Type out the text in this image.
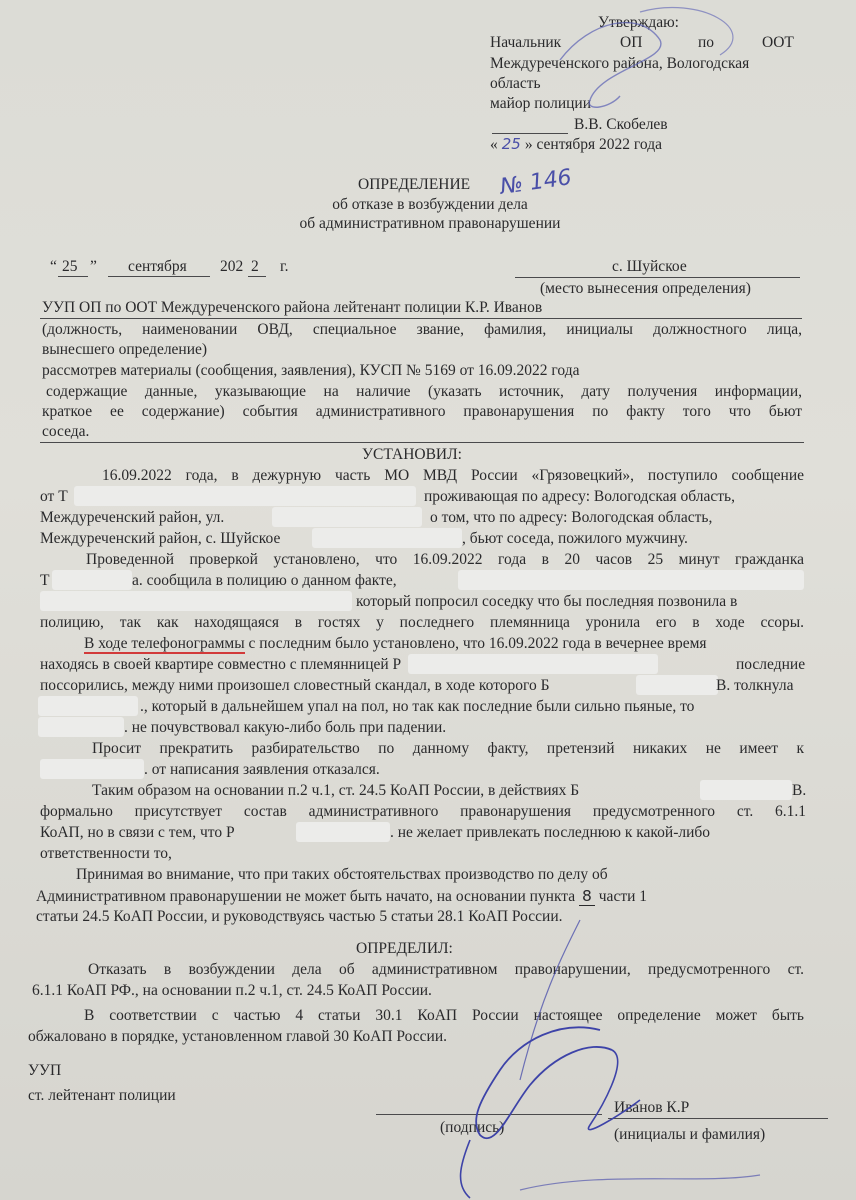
Утверждаю:
Начальник	ОП	по	ООТ
Междуреченского района, Вологодская
область
майор полиции
В.В. Скобелев
« 25 » сентября 2022 года
ОПРЕДЕЛЕНИЕ № 146
об отказе в возбуждении дела
об административном правонарушении
“ 25 ” сентября 202 2 г.	с. Шуйское
(место вынесения определения)
УУП ОП по ООТ Междуреченского района лейтенант полиции К.Р. Иванов
(должность, наименовании ОВД, специальное звание, фамилия, инициалы должностного лица,
вынесшего определение)
рассмотрев материалы (сообщения, заявления), КУСП № 5169 от 16.09.2022 года
содержащие данные, указывающие на наличие (указать источник, дату получения информации,
краткое ее содержание) события административного правонарушения по факту того что бьют
соседа.
УСТАНОВИЛ:
16.09.2022 года, в дежурную часть МО МВД России «Грязовецкий», поступило сообщение
от Т	проживающая по адресу: Вологодская область,
Междуреченский район, ул.	о том, что по адресу: Вологодская область,
Междуреченский район, с. Шуйское	, бьют соседа, пожилого мужчину.
Проведенной проверкой установлено, что 16.09.2022 года в 20 часов 25 минут гражданка
Т	а. сообщила в полицию о данном факте,
который попросил соседку что бы последняя позвонила в
полицию, так как находящаяся в гостях у последнего племянница уронила его в ходе ссоры.
В ходе телефонограммы с последним было установлено, что 16.09.2022 года в вечернее время
находясь в своей квартире совместно с племянницей Р	последние
поссорились, между ними произошел словестный скандал, в ходе которого Б	В. толкнула
., который в дальнейшем упал на пол, но так как последние были сильно пьяные, то
. не почувствовал какую-либо боль при падении.
Просит прекратить разбирательство по данному факту, претензий никаких не имеет к
. от написания заявления отказался.
Таким образом на основании п.2 ч.1, ст. 24.5 КоАП России, в действиях Б	В.
формально присутствует состав административного правонарушения предусмотренного ст. 6.1.1
КоАП, но в связи с тем, что Р	. не желает привлекать последнюю к какой-либо
ответственности то,
Принимая во внимание, что при таких обстоятельствах производство по делу об
Административном правонарушении не может быть начато, на основании пункта 8 части 1
статьи 24.5 КоАП России, и руководствуясь частью 5 статьи 28.1 КоАП России.
ОПРЕДЕЛИЛ:
Отказать в возбуждении дела об административном правонарушении, предусмотренного ст.
6.1.1 КоАП РФ., на основании п.2 ч.1, ст. 24.5 КоАП России.
В соответствии с частью 4 статьи 30.1 КоАП России настоящее определение может быть
обжаловано в порядке, установленном главой 30 КоАП России.
УУП
ст. лейтенант полиции
(подпись)
Иванов К.Р
(инициалы и фамилия)
